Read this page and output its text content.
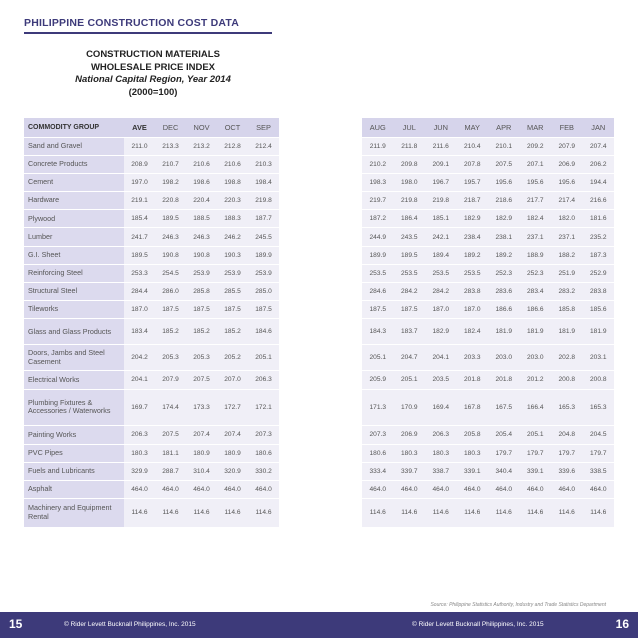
PHILIPPINE CONSTRUCTION COST DATA
CONSTRUCTION MATERIALS
WHOLESALE PRICE INDEX
National Capital Region, Year 2014
(2000=100)
COMMODITY GROUP	AVE	DEC	NOV	OCT	SEP
Sand and Gravel	211.0	213.3	213.2	212.8	212.4
Concrete Products	208.9	210.7	210.6	210.6	210.3
Cement	197.0	198.2	198.6	198.8	198.4
Hardware	219.1	220.8	220.4	220.3	219.8
Plywood	185.4	189.5	188.5	188.3	187.7
Lumber	241.7	246.3	246.3	246.2	245.5
G.I. Sheet	189.5	190.8	190.8	190.3	189.9
Reinforcing Steel	253.3	254.5	253.9	253.9	253.9
Structural Steel	284.4	286.0	285.8	285.5	285.0
Tileworks	187.0	187.5	187.5	187.5	187.5
Glass and Glass Products	183.4	185.2	185.2	185.2	184.6
Doors, Jambs and Steel Casement	204.2	205.3	205.3	205.2	205.1
Electrical Works	204.1	207.9	207.5	207.0	206.3
Plumbing Fixtures & Accessories / Waterworks	169.7	174.4	173.3	172.7	172.1
Painting Works	206.3	207.5	207.4	207.4	207.3
PVC Pipes	180.3	181.1	180.9	180.9	180.6
Fuels and Lubricants	329.9	288.7	310.4	320.9	330.2
Asphalt	464.0	464.0	464.0	464.0	464.0
Machinery and Equipment Rental	114.6	114.6	114.6	114.6	114.6
AUG	JUL	JUN	MAY	APR	MAR	FEB	JAN
211.9	211.8	211.6	210.4	210.1	209.2	207.9	207.4
210.2	209.8	209.1	207.8	207.5	207.1	206.9	206.2
198.3	198.0	196.7	195.7	195.6	195.6	195.6	194.4
219.7	219.8	219.8	218.7	218.6	217.7	217.4	216.6
187.2	186.4	185.1	182.9	182.9	182.4	182.0	181.6
244.9	243.5	242.1	238.4	238.1	237.1	237.1	235.2
189.9	189.5	189.4	189.2	189.2	188.9	188.2	187.3
253.5	253.5	253.5	253.5	252.3	252.3	251.9	252.9
284.6	284.2	284.2	283.8	283.6	283.4	283.2	283.8
187.5	187.5	187.0	187.0	186.6	186.6	185.8	185.6
184.3	183.7	182.9	182.4	181.9	181.9	181.9	181.9
205.1	204.7	204.1	203.3	203.0	203.0	202.8	203.1
205.9	205.1	203.5	201.8	201.8	201.2	200.8	200.8
171.3	170.9	169.4	167.8	167.5	166.4	165.3	165.3
207.3	206.9	206.3	205.8	205.4	205.1	204.8	204.5
180.6	180.3	180.3	180.3	179.7	179.7	179.7	179.7
333.4	339.7	338.7	339.1	340.4	339.1	339.6	338.5
464.0	464.0	464.0	464.0	464.0	464.0	464.0	464.0
114.6	114.6	114.6	114.6	114.6	114.6	114.6	114.6
Source: Philippine Statistics Authority, Industry and Trade Statistics Department
15	© Rider Levett Bucknall Philippines, Inc. 2015	© Rider Levett Bucknall Philippines, Inc. 2015	16
